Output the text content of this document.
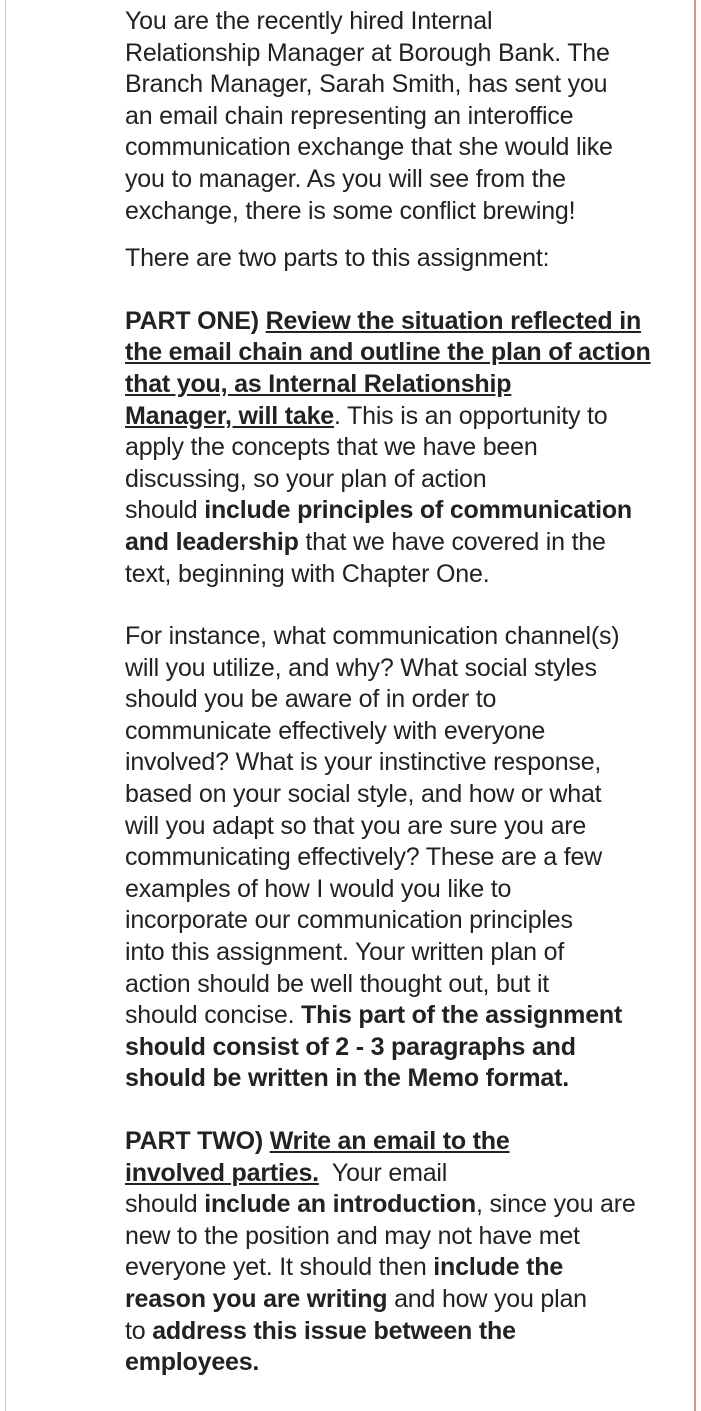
You are the recently hired Internal
Relationship Manager at Borough Bank. The
Branch Manager, Sarah Smith, has sent you
an email chain representing an interoffice
communication exchange that she would like
you to manager. As you will see from the
exchange, there is some conflict brewing!

There are two parts to this assignment:

PART ONE) Review the situation reflected in
the email chain and outline the plan of action
that you, as Internal Relationship
Manager, will take. This is an opportunity to
apply the concepts that we have been
discussing, so your plan of action
should include principles of communication
and leadership that we have covered in the
text, beginning with Chapter One.

For instance, what communication channel(s)
will you utilize, and why? What social styles
should you be aware of in order to
communicate effectively with everyone
involved? What is your instinctive response,
based on your social style, and how or what
will you adapt so that you are sure you are
communicating effectively? These are a few
examples of how I would you like to
incorporate our communication principles
into this assignment. Your written plan of
action should be well thought out, but it
should concise. This part of the assignment
should consist of 2 - 3 paragraphs and
should be written in the Memo format.

PART TWO) Write an email to the
involved parties.  Your email
should include an introduction, since you are
new to the position and may not have met
everyone yet. It should then include the
reason you are writing and how you plan
to address this issue between the
employees.
